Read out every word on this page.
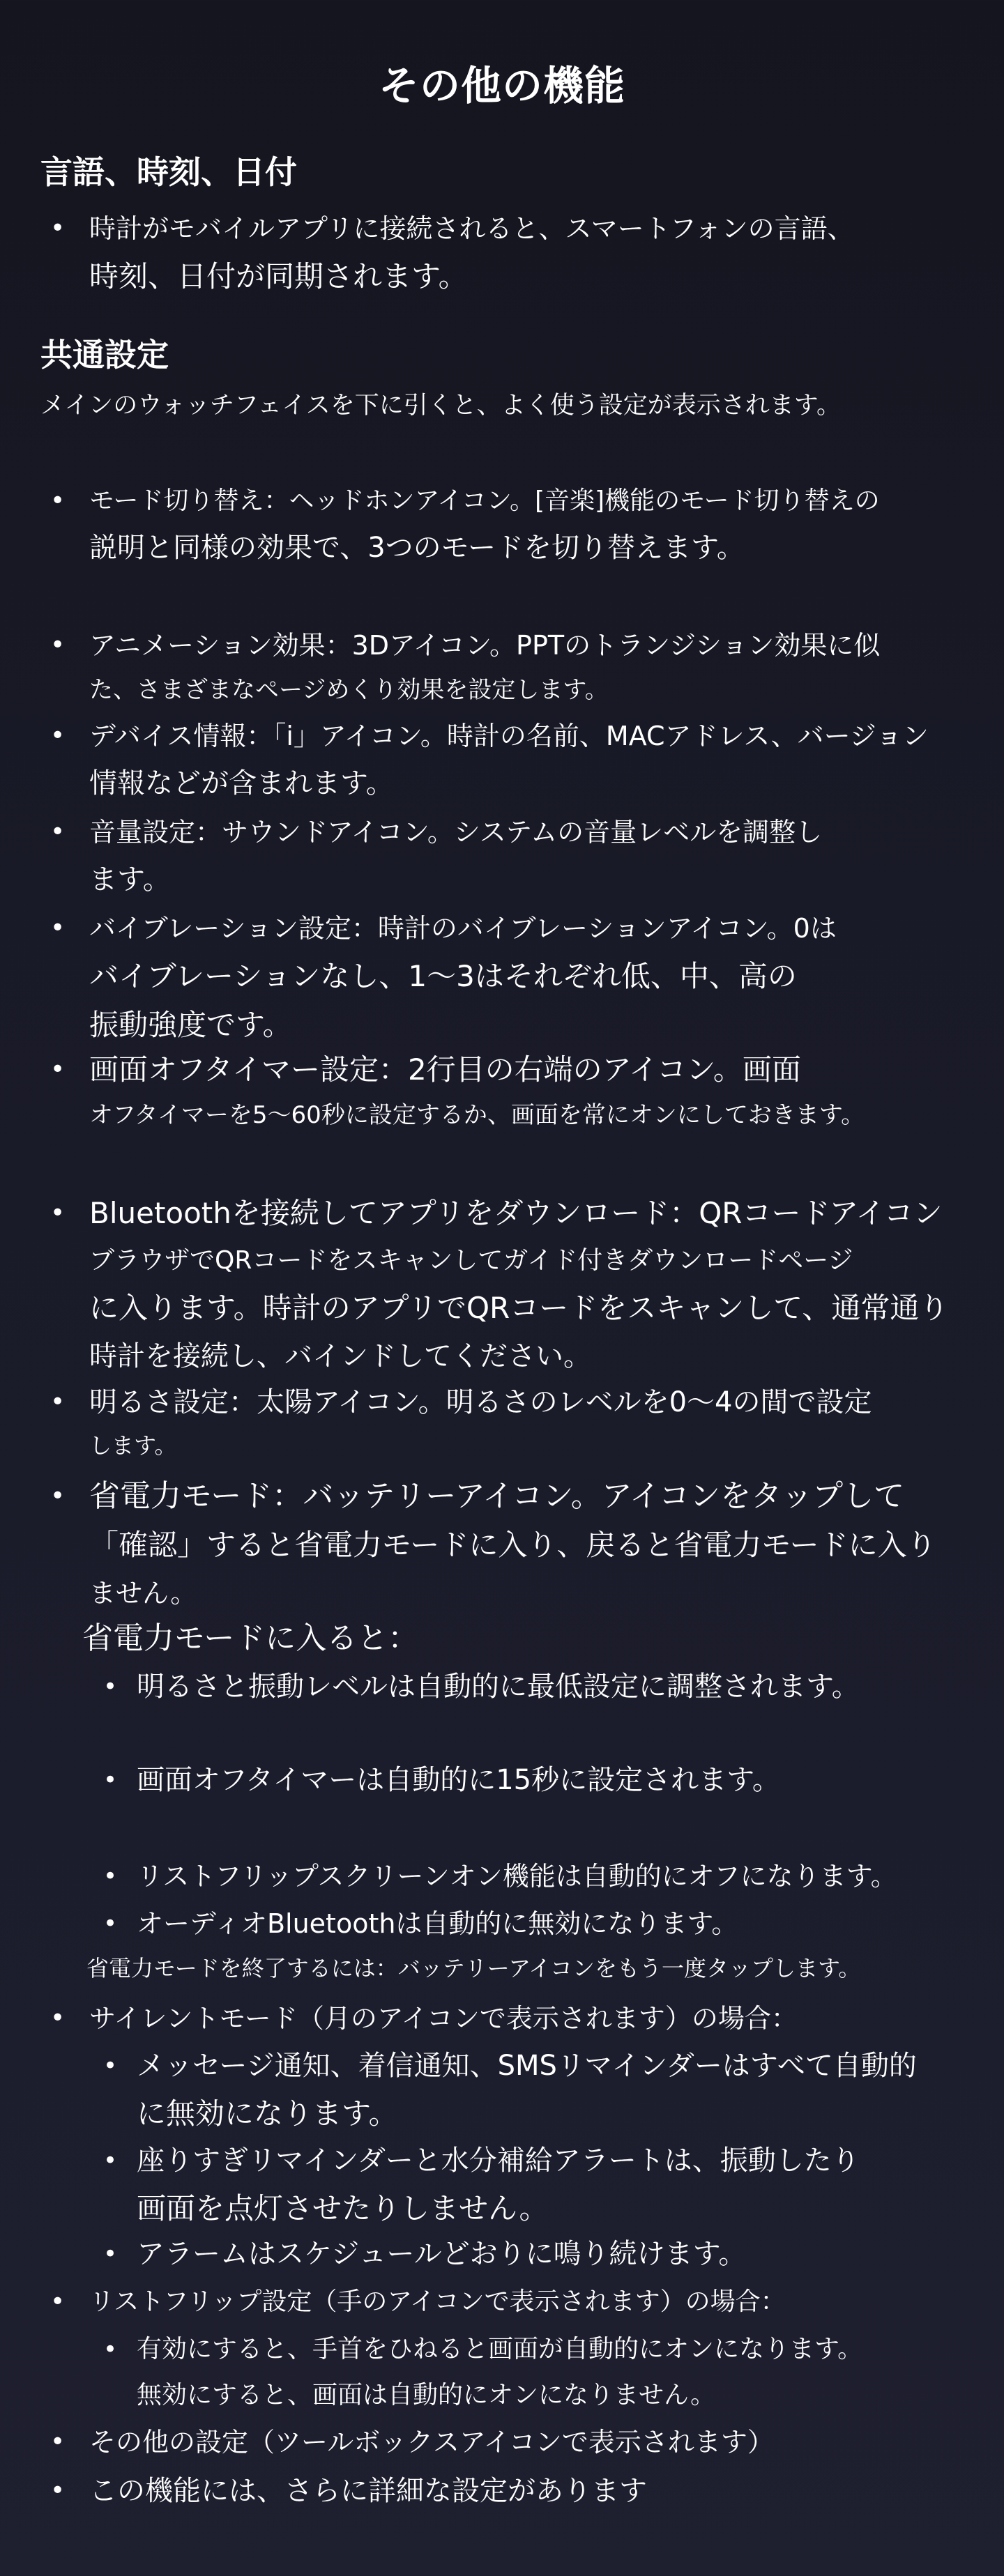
その他の機能
言語、時刻、日付
• 時計がモバイルアプリに接続されると、スマートフォンの言語、
時刻、日付が同期されます。
共通設定
メインのウォッチフェイスを下に引くと、よく使う設定が表示されます。
• モード切り替え：ヘッドホンアイコン。[音楽]機能のモード切り替えの
説明と同様の効果で、3つのモードを切り替えます。
• アニメーション効果：3Dアイコン。PPTのトランジション効果に似
た、さまざまなページめくり効果を設定します。
• デバイス情報：「i」アイコン。時計の名前、MACアドレス、バージョン
情報などが含まれます。
• 音量設定：サウンドアイコン。システムの音量レベルを調整し
ます。
• バイブレーション設定：時計のバイブレーションアイコン。0は
バイブレーションなし、1〜3はそれぞれ低、中、高の
振動強度です。
• 画面オフタイマー設定：2行目の右端のアイコン。画面
オフタイマーを5〜60秒に設定するか、画面を常にオンにしておきます。
• Bluetoothを接続してアプリをダウンロード：QRコードアイコン
ブラウザでQRコードをスキャンしてガイド付きダウンロードページ
に入ります。時計のアプリでQRコードをスキャンして、通常通り
時計を接続し、バインドしてください。
• 明るさ設定：太陽アイコン。明るさのレベルを0〜4の間で設定
します。
• 省電力モード：バッテリーアイコン。アイコンをタップして
「確認」すると省電力モードに入り、戻ると省電力モードに入り
ません。
省電力モードに入ると：
• 明るさと振動レベルは自動的に最低設定に調整されます。
• 画面オフタイマーは自動的に15秒に設定されます。
• リストフリップスクリーンオン機能は自動的にオフになります。
• オーディオBluetoothは自動的に無効になります。
省電力モードを終了するには：バッテリーアイコンをもう一度タップします。
• サイレントモード（月のアイコンで表示されます）の場合：
• メッセージ通知、着信通知、SMSリマインダーはすべて自動的
に無効になります。
• 座りすぎリマインダーと水分補給アラートは、振動したり
画面を点灯させたりしません。
• アラームはスケジュールどおりに鳴り続けます。
• リストフリップ設定（手のアイコンで表示されます）の場合：
• 有効にすると、手首をひねると画面が自動的にオンになります。
無効にすると、画面は自動的にオンになりません。
• その他の設定（ツールボックスアイコンで表示されます）
• この機能には、さらに詳細な設定があります
